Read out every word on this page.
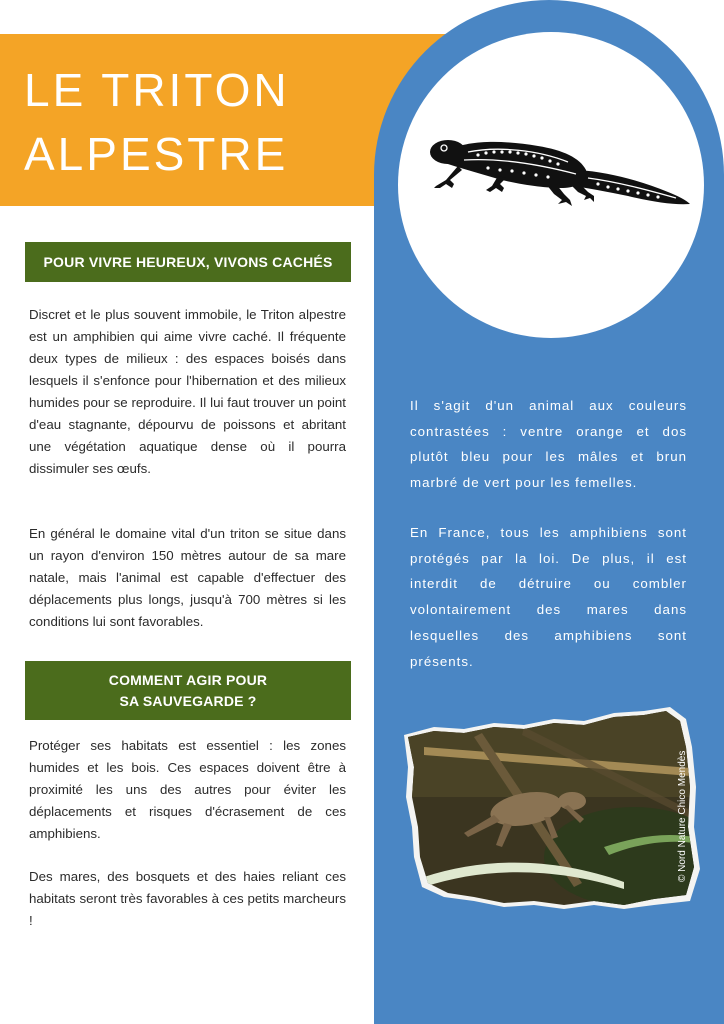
LE TRITON
ALPESTRE
POUR VIVRE HEUREUX, VIVONS CACHÉS

Discret et le plus souvent immobile, le Triton alpestre est un amphibien qui aime vivre caché. Il fréquente deux types de milieux : des espaces boisés dans lesquels il s'enfonce pour l'hibernation et des milieux humides pour se reproduire. Il lui faut trouver un point d'eau stagnante, dépourvu de poissons et abritant une végétation aquatique dense où il pourra dissimuler ses œufs.

En général le domaine vital d'un triton se situe dans un rayon d'environ 150 mètres autour de sa mare natale, mais l'animal est capable d'effectuer des déplacements plus longs, jusqu'à 700 mètres si les conditions lui sont favorables.

COMMENT AGIR POUR
SA SAUVEGARDE ?

Protéger ses habitats est essentiel : les zones humides et les bois. Ces espaces doivent être à proximité les uns des autres pour éviter les déplacements et risques d'écrasement de ces amphibiens.

Des mares, des bosquets et des haies reliant ces habitats seront très favorables à ces petits marcheurs !

Il s'agit d'un animal aux couleurs contrastées : ventre orange et dos plutôt bleu pour les mâles et brun marbré de vert pour les femelles.

En France, tous les amphibiens sont protégés par la loi. De plus, il est interdit de détruire ou combler volontairement des mares dans lesquelles des amphibiens sont présents.

© Nord Nature Chico Mendès
